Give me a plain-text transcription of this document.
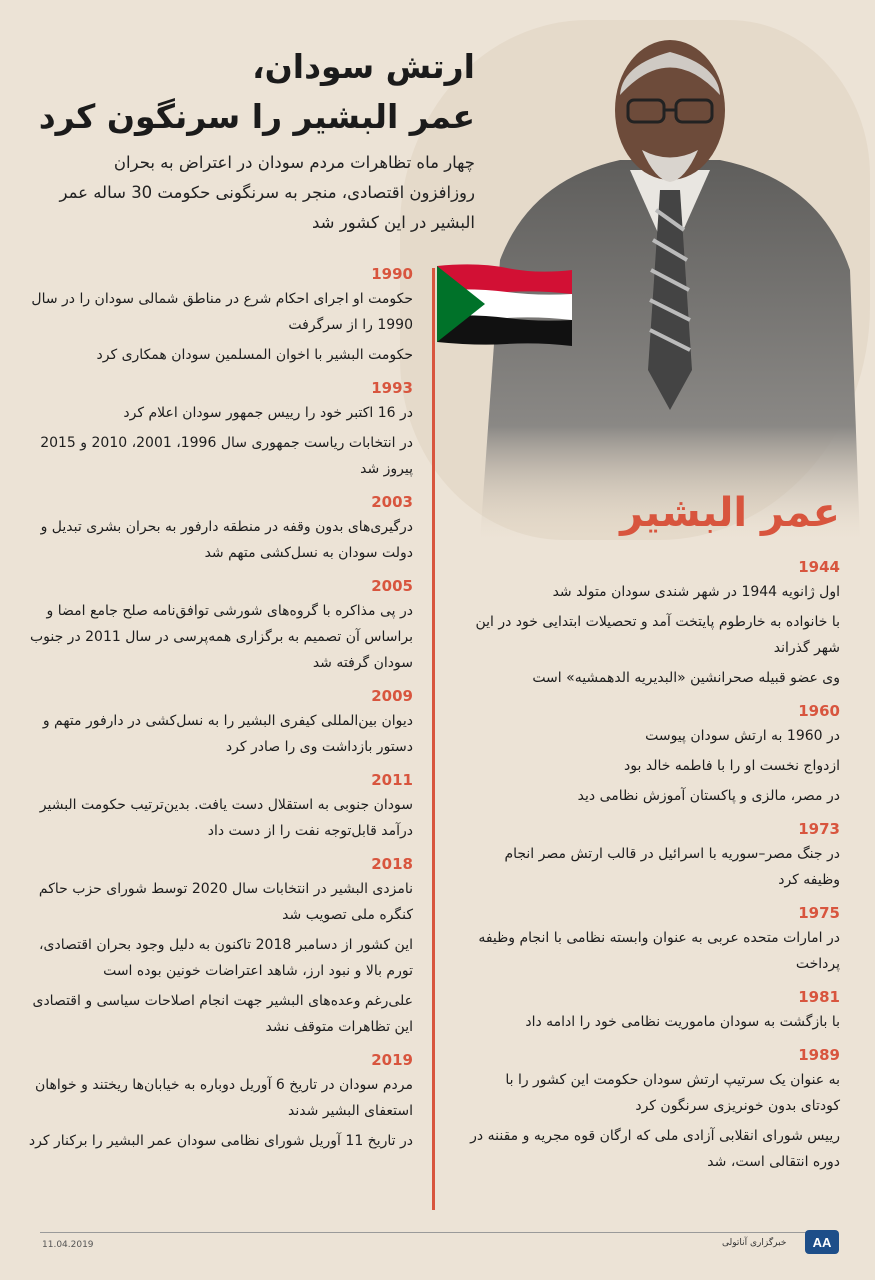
ارتش سودان،
عمر البشیر را سرنگون کرد
چهار ماه تظاهرات مردم سودان در اعتراض به بحران روزافزون اقتصادی، منجر به سرنگونی حکومت 30 ساله عمر البشیر در این کشور شد
عمر البشیر
1990
حکومت او اجرای احکام شرع در مناطق شمالی سودان را در سال 1990 را از سرگرفت
حکومت البشیر با اخوان المسلمین سودان همکاری کرد
1993
در 16 اکتبر خود را رییس جمهور سودان اعلام کرد
در انتخابات ریاست جمهوری سال 1996، 2001، 2010 و 2015 پیروز شد
2003
درگیری‌های بدون وقفه در منطقه دارفور به بحران بشری تبدیل و دولت سودان به نسل‌کشی متهم شد
2005
در پی مذاکره با گروه‌های شورشی توافق‌نامه صلح جامع امضا و براساس آن تصمیم به برگزاری همه‌پرسی در سال 2011 در جنوب سودان گرفته شد
2009
دیوان بین‌المللی کیفری البشیر را به نسل‌کشی در دارفور متهم و دستور بازداشت وی را صادر کرد
2011
سودان جنوبی به استقلال دست یافت. بدین‌ترتیب حکومت البشیر درآمد قابل‌توجه نفت را از دست داد
2018
نامزدی البشیر در انتخابات سال 2020 توسط شورای حزب حاکم کنگره ملی تصویب شد
این کشور از دسامبر 2018 تاکنون به دلیل وجود بحران اقتصادی، تورم بالا و نبود ارز، شاهد اعتراضات خونین بوده است
علی‌رغم وعده‌های البشیر جهت انجام اصلاحات سیاسی و اقتصادی این تظاهرات متوقف نشد
2019
مردم سودان در تاریخ 6 آوریل دوباره به خیابان‌ها ریختند و خواهان استعفای البشیر شدند
در تاریخ 11 آوریل شورای نظامی سودان عمر البشیر را برکنار کرد
1944
اول ژانویه 1944 در شهر شندی سودان متولد شد
با خانواده به خارطوم پایتخت آمد و تحصیلات ابتدایی خود در این شهر گذراند
وی عضو قبیله صحرانشین «البدیریه الدهمشیه» است
1960
در 1960 به ارتش سودان پیوست
ازدواج نخست او را با فاطمه خالد بود
در مصر، مالزی و پاکستان آموزش نظامی دید
1973
در جنگ مصر–سوریه با اسرائیل در قالب ارتش مصر انجام وظیفه کرد
1975
در امارات متحده عربی به عنوان وابسته نظامی با انجام وظیفه پرداخت
1981
با بازگشت به سودان ماموریت نظامی خود را ادامه داد
1989
به عنوان یک سرتیپ ارتش سودان حکومت این کشور را با کودتای بدون خونریزی سرنگون کرد
رییس شورای انقلابی آزادی ملی که ارگان قوه مجریه و مقننه در دوره انتقالی است، شد
11.04.2019	خبرگزاری آناتولی AA
